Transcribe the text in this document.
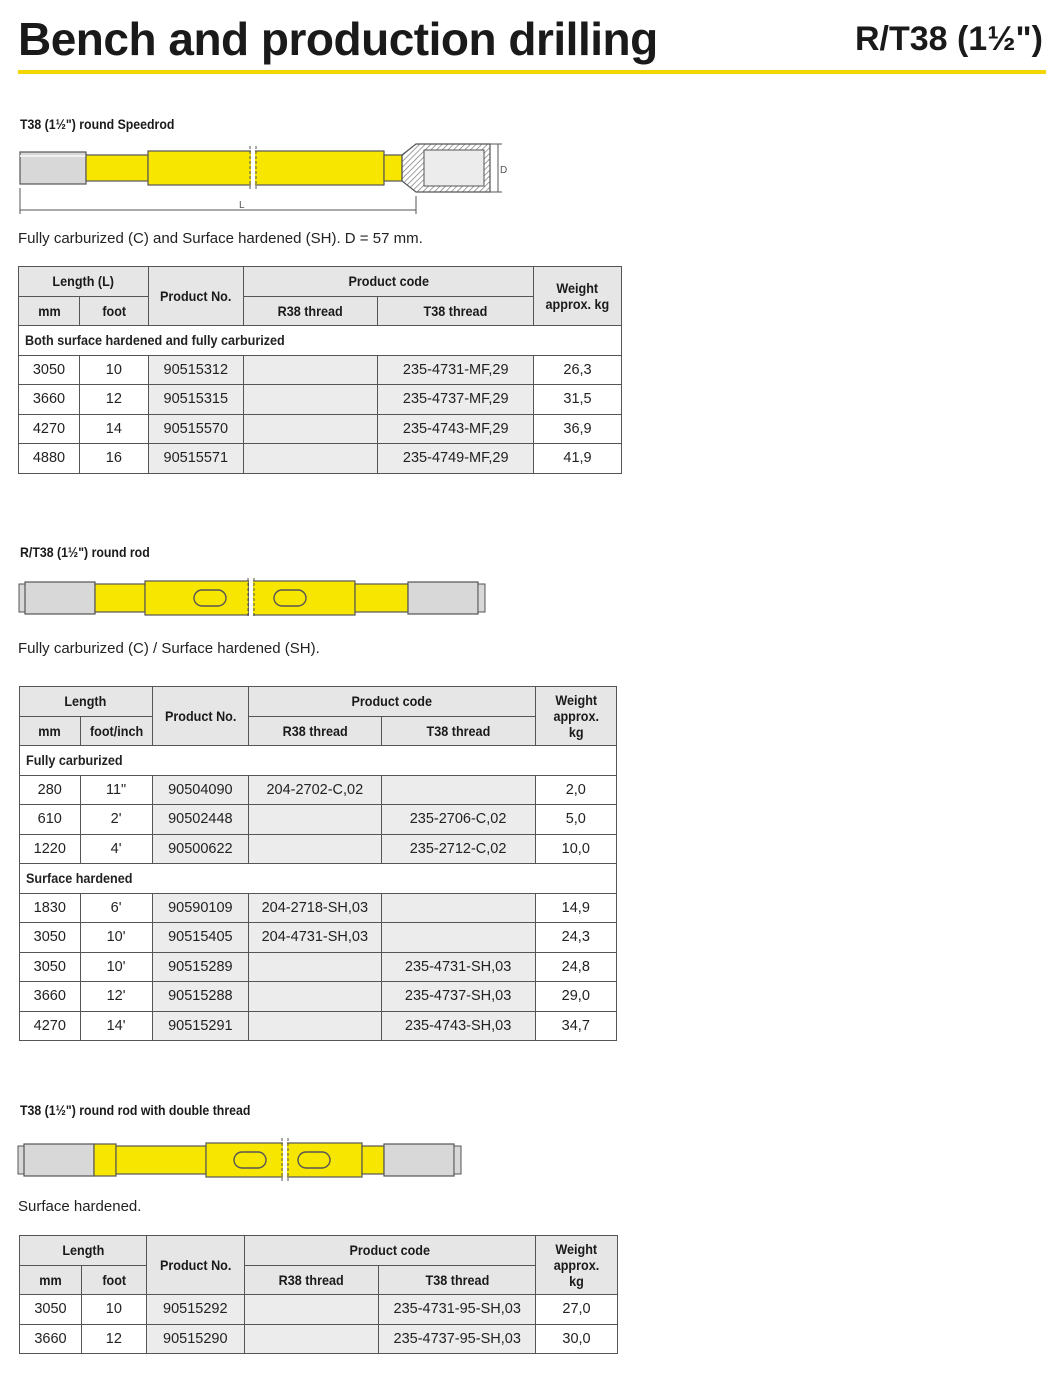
Bench and production drilling	R/T38 (1½")
T38 (1½") round Speedrod
D
L
Fully carburized (C) and Surface hardened (SH). D = 57 mm.
Length (L)		Product No.	Product code		Weight
approx. kg
mm	foot		R38 thread	T38 thread	
Both surface hardened and fully carburized					
3050	10	90515312		235-4731-MF,29	26,3
3660	12	90515315		235-4737-MF,29	31,5
4270	14	90515570		235-4743-MF,29	36,9
4880	16	90515571		235-4749-MF,29	41,9
R/T38 (1½") round rod
Fully carburized (C) / Surface hardened (SH).
Length		Product No.	Product code		Weight
approx. kg
mm	foot/inch		R38 thread	T38 thread	
Fully carburized					
280	11"	90504090	204-2702-C,02		2,0
610	2'	90502448		235-2706-C,02	5,0
1220	4'	90500622		235-2712-C,02	10,0
Surface hardened					
1830	6'	90590109	204-2718-SH,03		14,9
3050	10'	90515405	204-4731-SH,03		24,3
3050	10'	90515289		235-4731-SH,03	24,8
3660	12'	90515288		235-4737-SH,03	29,0
4270	14'	90515291		235-4743-SH,03	34,7
T38 (1½") round rod with double thread
Surface hardened.
Length		Product No.	Product code		Weight
approx. kg
mm	foot		R38 thread	T38 thread	
3050	10	90515292		235-4731-95-SH,03	27,0
3660	12	90515290		235-4737-95-SH,03	30,0
